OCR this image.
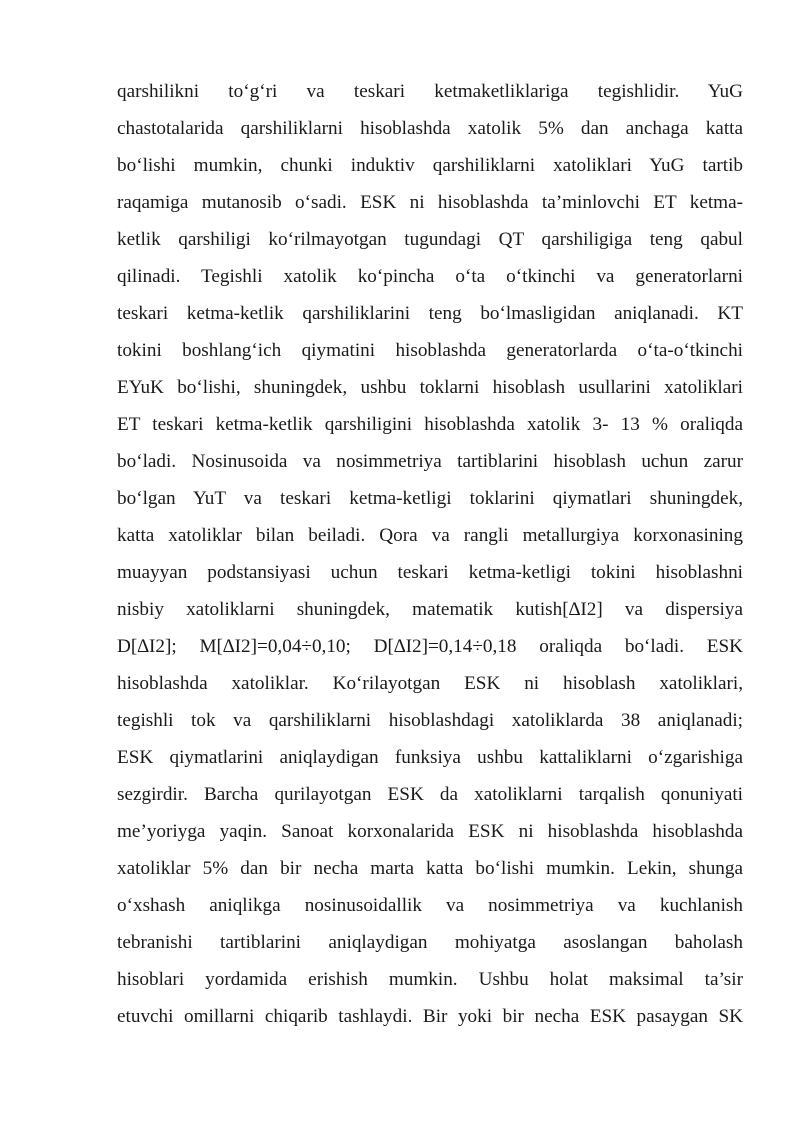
qarshilikni to‘g‘ri va teskari ketmaketliklariga tegishlidir. YuG
chastotalarida qarshiliklarni hisoblashda xatolik 5% dan anchaga katta
bo‘lishi mumkin, chunki induktiv qarshiliklarni xatoliklari YuG tartib
raqamiga mutanosib o‘sadi. ESK ni hisoblashda ta’minlovchi ET ketma-
ketlik qarshiligi ko‘rilmayotgan tugundagi QT qarshiligiga teng qabul
qilinadi. Tegishli xatolik ko‘pincha o‘ta o‘tkinchi va generatorlarni
teskari ketma-ketlik qarshiliklarini teng bo‘lmasligidan aniqlanadi. KT
tokini boshlang‘ich qiymatini hisoblashda generatorlarda o‘ta-o‘tkinchi
EYuK bo‘lishi, shuningdek, ushbu toklarni hisoblash usullarini xatoliklari
ET teskari ketma-ketlik qarshiligini hisoblashda xatolik 3- 13 % oraliqda
bo‘ladi. Nosinusoida va nosimmetriya tartiblarini hisoblash uchun zarur
bo‘lgan YuT va teskari ketma-ketligi toklarini qiymatlari shuningdek,
katta xatoliklar bilan beiladi. Qora va rangli metallurgiya korxonasining
muayyan podstansiyasi uchun teskari ketma-ketligi tokini hisoblashni
nisbiy xatoliklarni shuningdek, matematik kutish[∆I2] va dispersiya
D[∆I2]; M[∆I2]=0,04÷0,10; D[∆I2]=0,14÷0,18 oraliqda bo‘ladi. ESK
hisoblashda xatoliklar. Ko‘rilayotgan ESK ni hisoblash xatoliklari,
tegishli tok va qarshiliklarni hisoblashdagi xatoliklarda 38 aniqlanadi;
ESK qiymatlarini aniqlaydigan funksiya ushbu kattaliklarni o‘zgarishiga
sezgirdir. Barcha qurilayotgan ESK da xatoliklarni tarqalish qonuniyati
me’yoriyga yaqin. Sanoat korxonalarida ESK ni hisoblashda hisoblashda
xatoliklar 5% dan bir necha marta katta bo‘lishi mumkin. Lekin, shunga
o‘xshash aniqlikga nosinusoidallik va nosimmetriya va kuchlanish
tebranishi tartiblarini aniqlaydigan mohiyatga asoslangan baholash
hisoblari yordamida erishish mumkin. Ushbu holat maksimal ta’sir
etuvchi omillarni chiqarib tashlaydi. Bir yoki bir necha ESK pasaygan SK
